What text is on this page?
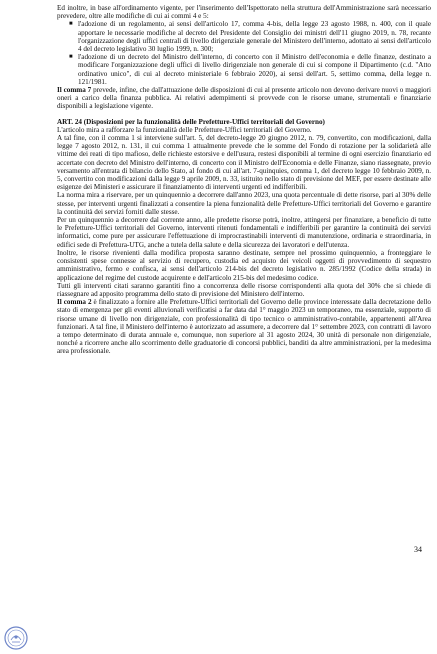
Ed inoltre, in base all'ordinamento vigente, per l'inserimento dell'Ispettorato nella struttura dell'Amministrazione sarà necessario prevedere, oltre alle modifiche di cui ai commi 4 e 5:

■ l'adozione di un regolamento, ai sensi dell'articolo 17, comma 4-bis, della legge 23 agosto 1988, n. 400, con il quale apportare le necessarie modifiche al decreto del Presidente del Consiglio dei ministri dell'11 giugno 2019, n. 78, recante l'organizzazione degli uffici centrali di livello dirigenziale generale del Ministero dell'interno, adottato ai sensi dell'articolo 4 del decreto legislativo 30 luglio 1999, n. 300;
■ l'adozione di un decreto del Ministro dell'interno, di concerto con il Ministro dell'economia e delle finanze, destinato a modificare l'organizzazione degli uffici di livello dirigenziale non generale di cui si compone il Dipartimento (c.d. "Atto ordinativo unico", di cui al decreto ministeriale 6 febbraio 2020), ai sensi dell'art. 5, settimo comma, della legge n. 121/1981.

Il comma 7 prevede, infine, che dall'attuazione delle disposizioni di cui al presente articolo non devono derivare nuovi o maggiori oneri a carico della finanza pubblica. Ai relativi adempimenti si provvede con le risorse umane, strumentali e finanziarie disponibili a legislazione vigente.

ART. 24 (Disposizioni per la funzionalità delle Prefetture-Uffici territoriali del Governo)

L'articolo mira a rafforzare la funzionalità delle Prefetture-Uffici territoriali del Governo.

A tal fine, con il comma 1 si interviene sull'art. 5, del decreto-legge 20 giugno 2012, n. 79, convertito, con modificazioni, dalla legge 7 agosto 2012, n. 131, il cui comma 1 attualmente prevede che le somme del Fondo di rotazione per la solidarietà alle vittime dei reati di tipo mafioso, delle richieste estorsive e dell'usura, restesi disponibili al termine di ogni esercizio finanziario ed accertate con decreto del Ministro dell'interno, di concerto con il Ministro dell'Economia e delle Finanze, siano riassegnate, previo versamento all'entrata di bilancio dello Stato, al fondo di cui all'art. 7-quinquies, comma 1, del decreto legge 10 febbraio 2009, n. 5, convertito con modificazioni dalla legge 9 aprile 2009, n. 33, istituito nello stato di previsione del MEF, per essere destinate alle esigenze dei Ministeri e assicurare il finanziamento di interventi urgenti ed indifferibili.

La norma mira a riservare, per un quinquennio a decorrere dall'anno 2023, una quota percentuale di dette risorse, pari al 30% delle stesse, per interventi urgenti finalizzati a consentire la piena funzionalità delle Prefetture-Uffici territoriali del Governo e garantire la continuità dei servizi forniti dalle stesse.

Per un quinquennio a decorrere dal corrente anno, alle predette risorse potrà, inoltre, attingersi per finanziare, a beneficio di tutte le Prefetture-Uffici territoriali del Governo, interventi ritenuti fondamentali e indifferibili per garantire la continuità dei servizi informatici, come pure per assicurare l'effettuazione di improcrastinabili interventi di manutenzione, ordinaria e straordinaria, in edifici sede di Prefettura-UTG, anche a tutela della salute e della sicurezza dei lavoratori e dell'utenza.

Inoltre, le risorse rivenienti dalla modifica proposta saranno destinate, sempre nel prossimo quinquennio, a fronteggiare le consistenti spese connesse al servizio di recupero, custodia ed acquisto dei veicoli oggetti di provvedimento di sequestro amministrativo, fermo e confisca, ai sensi dell'articolo 214-bis del decreto legislativo n. 285/1992 (Codice della strada) in applicazione del regime del custode acquirente e dell'articolo 215-bis del medesimo codice.

Tutti gli interventi citati saranno garantiti fino a concorrenza delle risorse corrispondenti alla quota del 30% che si chiede di riassegnare ad apposito programma dello stato di previsione del Ministero dell'interno.

Il comma 2 è finalizzato a fornire alle Prefetture-Uffici territoriali del Governo delle province interessate dalla decretazione dello stato di emergenza per gli eventi alluvionali verificatisi a far data dal 1° maggio 2023 un temporaneo, ma essenziale, supporto di risorse umane di livello non dirigenziale, con professionalità di tipo tecnico o amministrativo-contabile, appartenenti all'Area funzionari. A tal fine, il Ministero dell'interno è autorizzato ad assumere, a decorrere dal 1° settembre 2023, con contratti di lavoro a tempo determinato di durata annuale e, comunque, non superiore al 31 agosto 2024, 30 unità di personale non dirigenziale, nonché a ricorrere anche allo scorrimento delle graduatorie di concorsi pubblici, banditi da altre amministrazioni, per la medesima area professionale.

34
